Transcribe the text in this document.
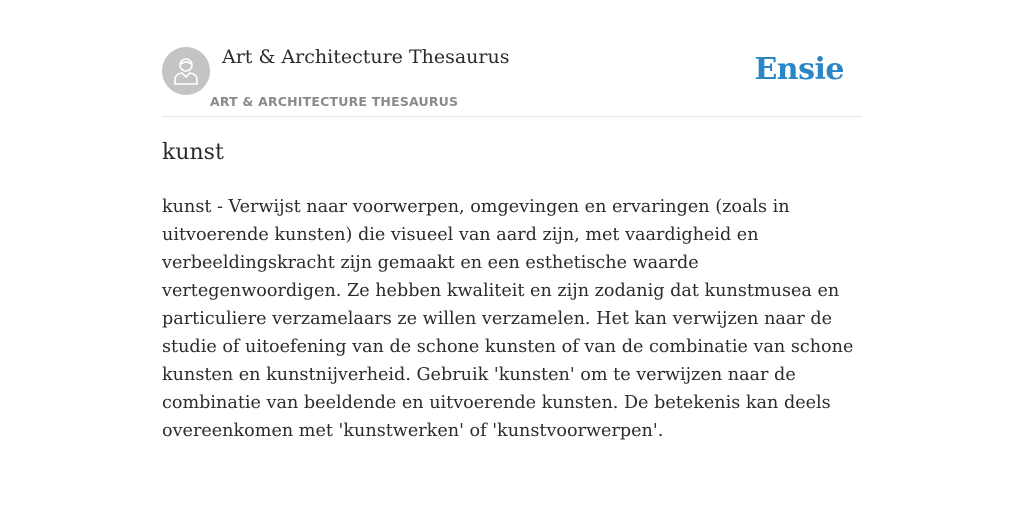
Art & Architecture Thesaurus
ART & ARCHITECTURE THESAURUS
Ensie
kunst

kunst - Verwijst naar voorwerpen, omgevingen en ervaringen (zoals in uitvoerende kunsten) die visueel van aard zijn, met vaardigheid en verbeeldingskracht zijn gemaakt en een esthetische waarde vertegenwoordigen. Ze hebben kwaliteit en zijn zodanig dat kunstmusea en particuliere verzamelaars ze willen verzamelen. Het kan verwijzen naar de studie of uitoefening van de schone kunsten of van de combinatie van schone kunsten en kunstnijverheid. Gebruik 'kunsten' om te verwijzen naar de combinatie van beeldende en uitvoerende kunsten. De betekenis kan deels overeenkomen met 'kunstwerken' of 'kunstvoorwerpen'.
